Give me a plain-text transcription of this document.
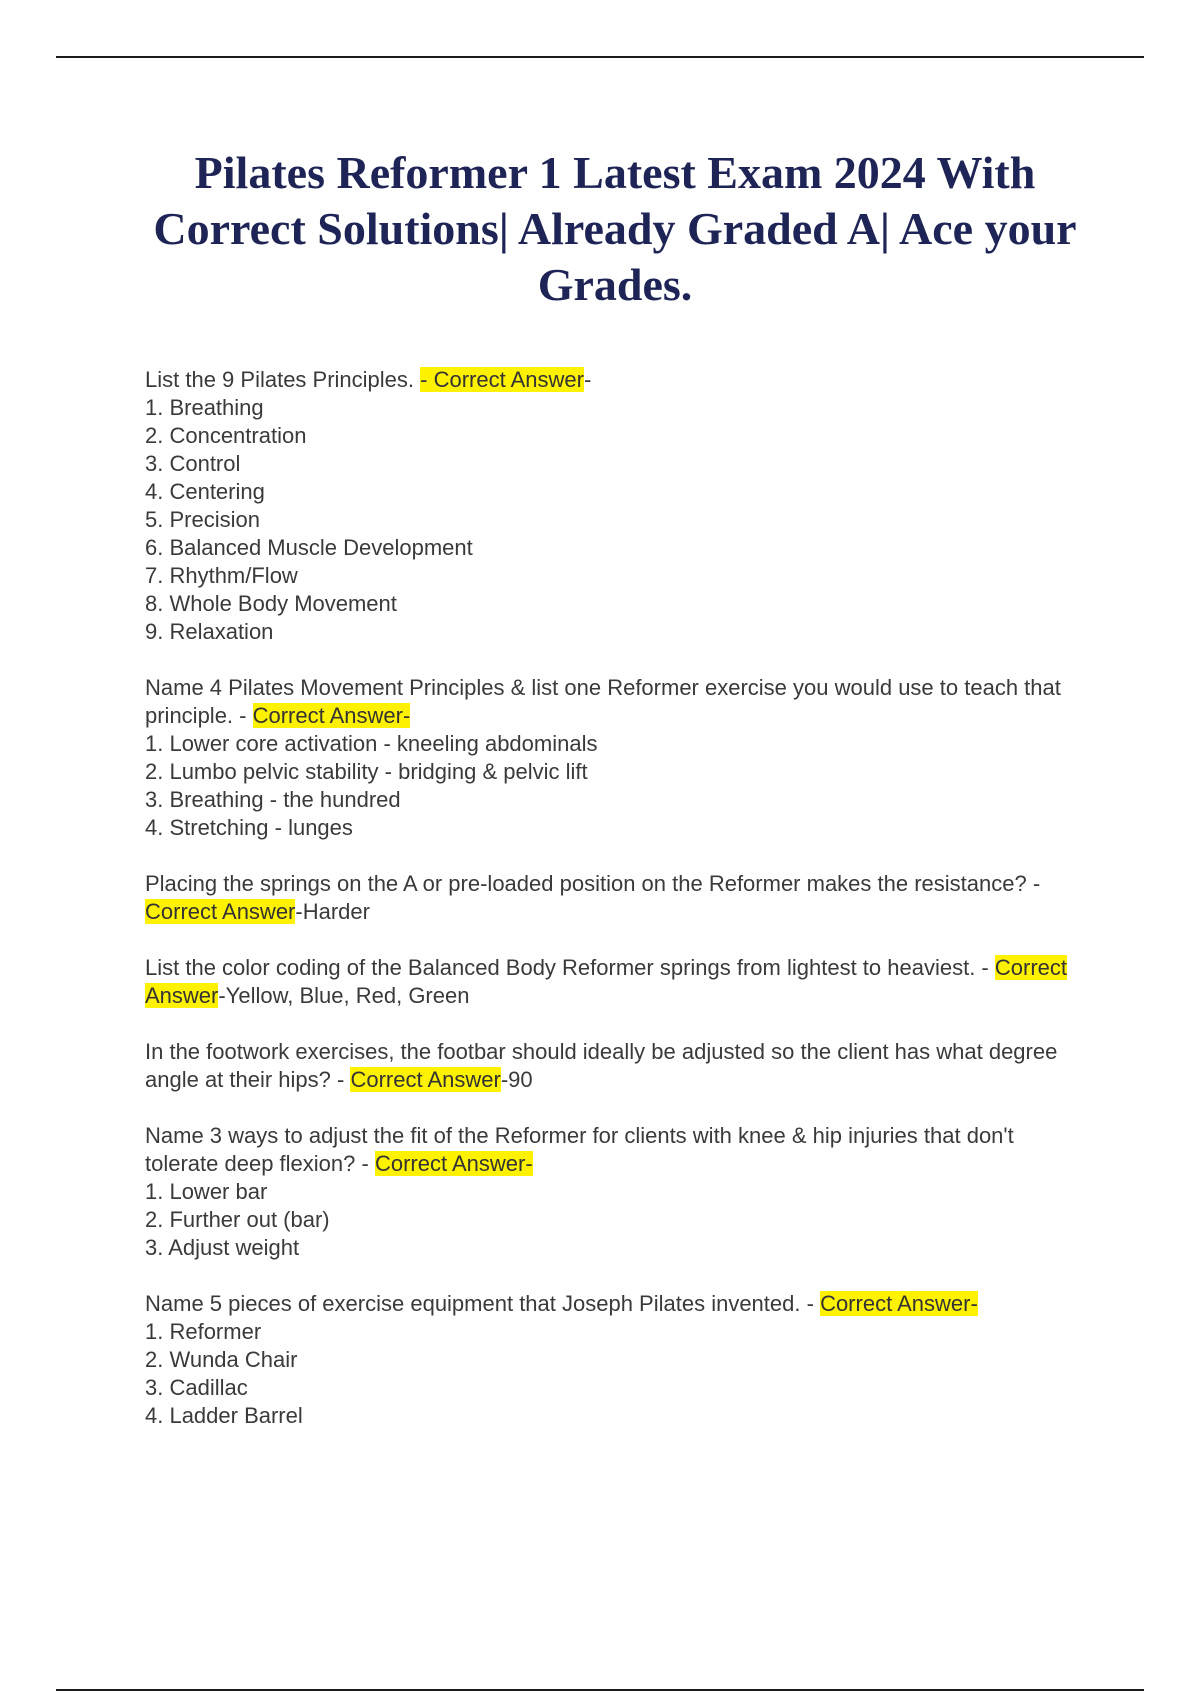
Pilates Reformer 1 Latest Exam 2024 With Correct Solutions| Already Graded A| Ace your Grades.
List the 9 Pilates Principles. - Correct Answer-
1. Breathing
2. Concentration
3. Control
4. Centering
5. Precision
6. Balanced Muscle Development
7. Rhythm/Flow
8. Whole Body Movement
9. Relaxation
Name 4 Pilates Movement Principles & list one Reformer exercise you would use to teach that principle. - Correct Answer-
1. Lower core activation - kneeling abdominals
2. Lumbo pelvic stability - bridging & pelvic lift
3. Breathing - the hundred
4. Stretching - lunges
Placing the springs on the A or pre-loaded position on the Reformer makes the resistance? - Correct Answer-Harder
List the color coding of the Balanced Body Reformer springs from lightest to heaviest. - Correct Answer-Yellow, Blue, Red, Green
In the footwork exercises, the footbar should ideally be adjusted so the client has what degree angle at their hips? - Correct Answer-90
Name 3 ways to adjust the fit of the Reformer for clients with knee & hip injuries that don't tolerate deep flexion? - Correct Answer-
1. Lower bar
2. Further out (bar)
3. Adjust weight
Name 5 pieces of exercise equipment that Joseph Pilates invented. - Correct Answer-
1. Reformer
2. Wunda Chair
3. Cadillac
4. Ladder Barrel
